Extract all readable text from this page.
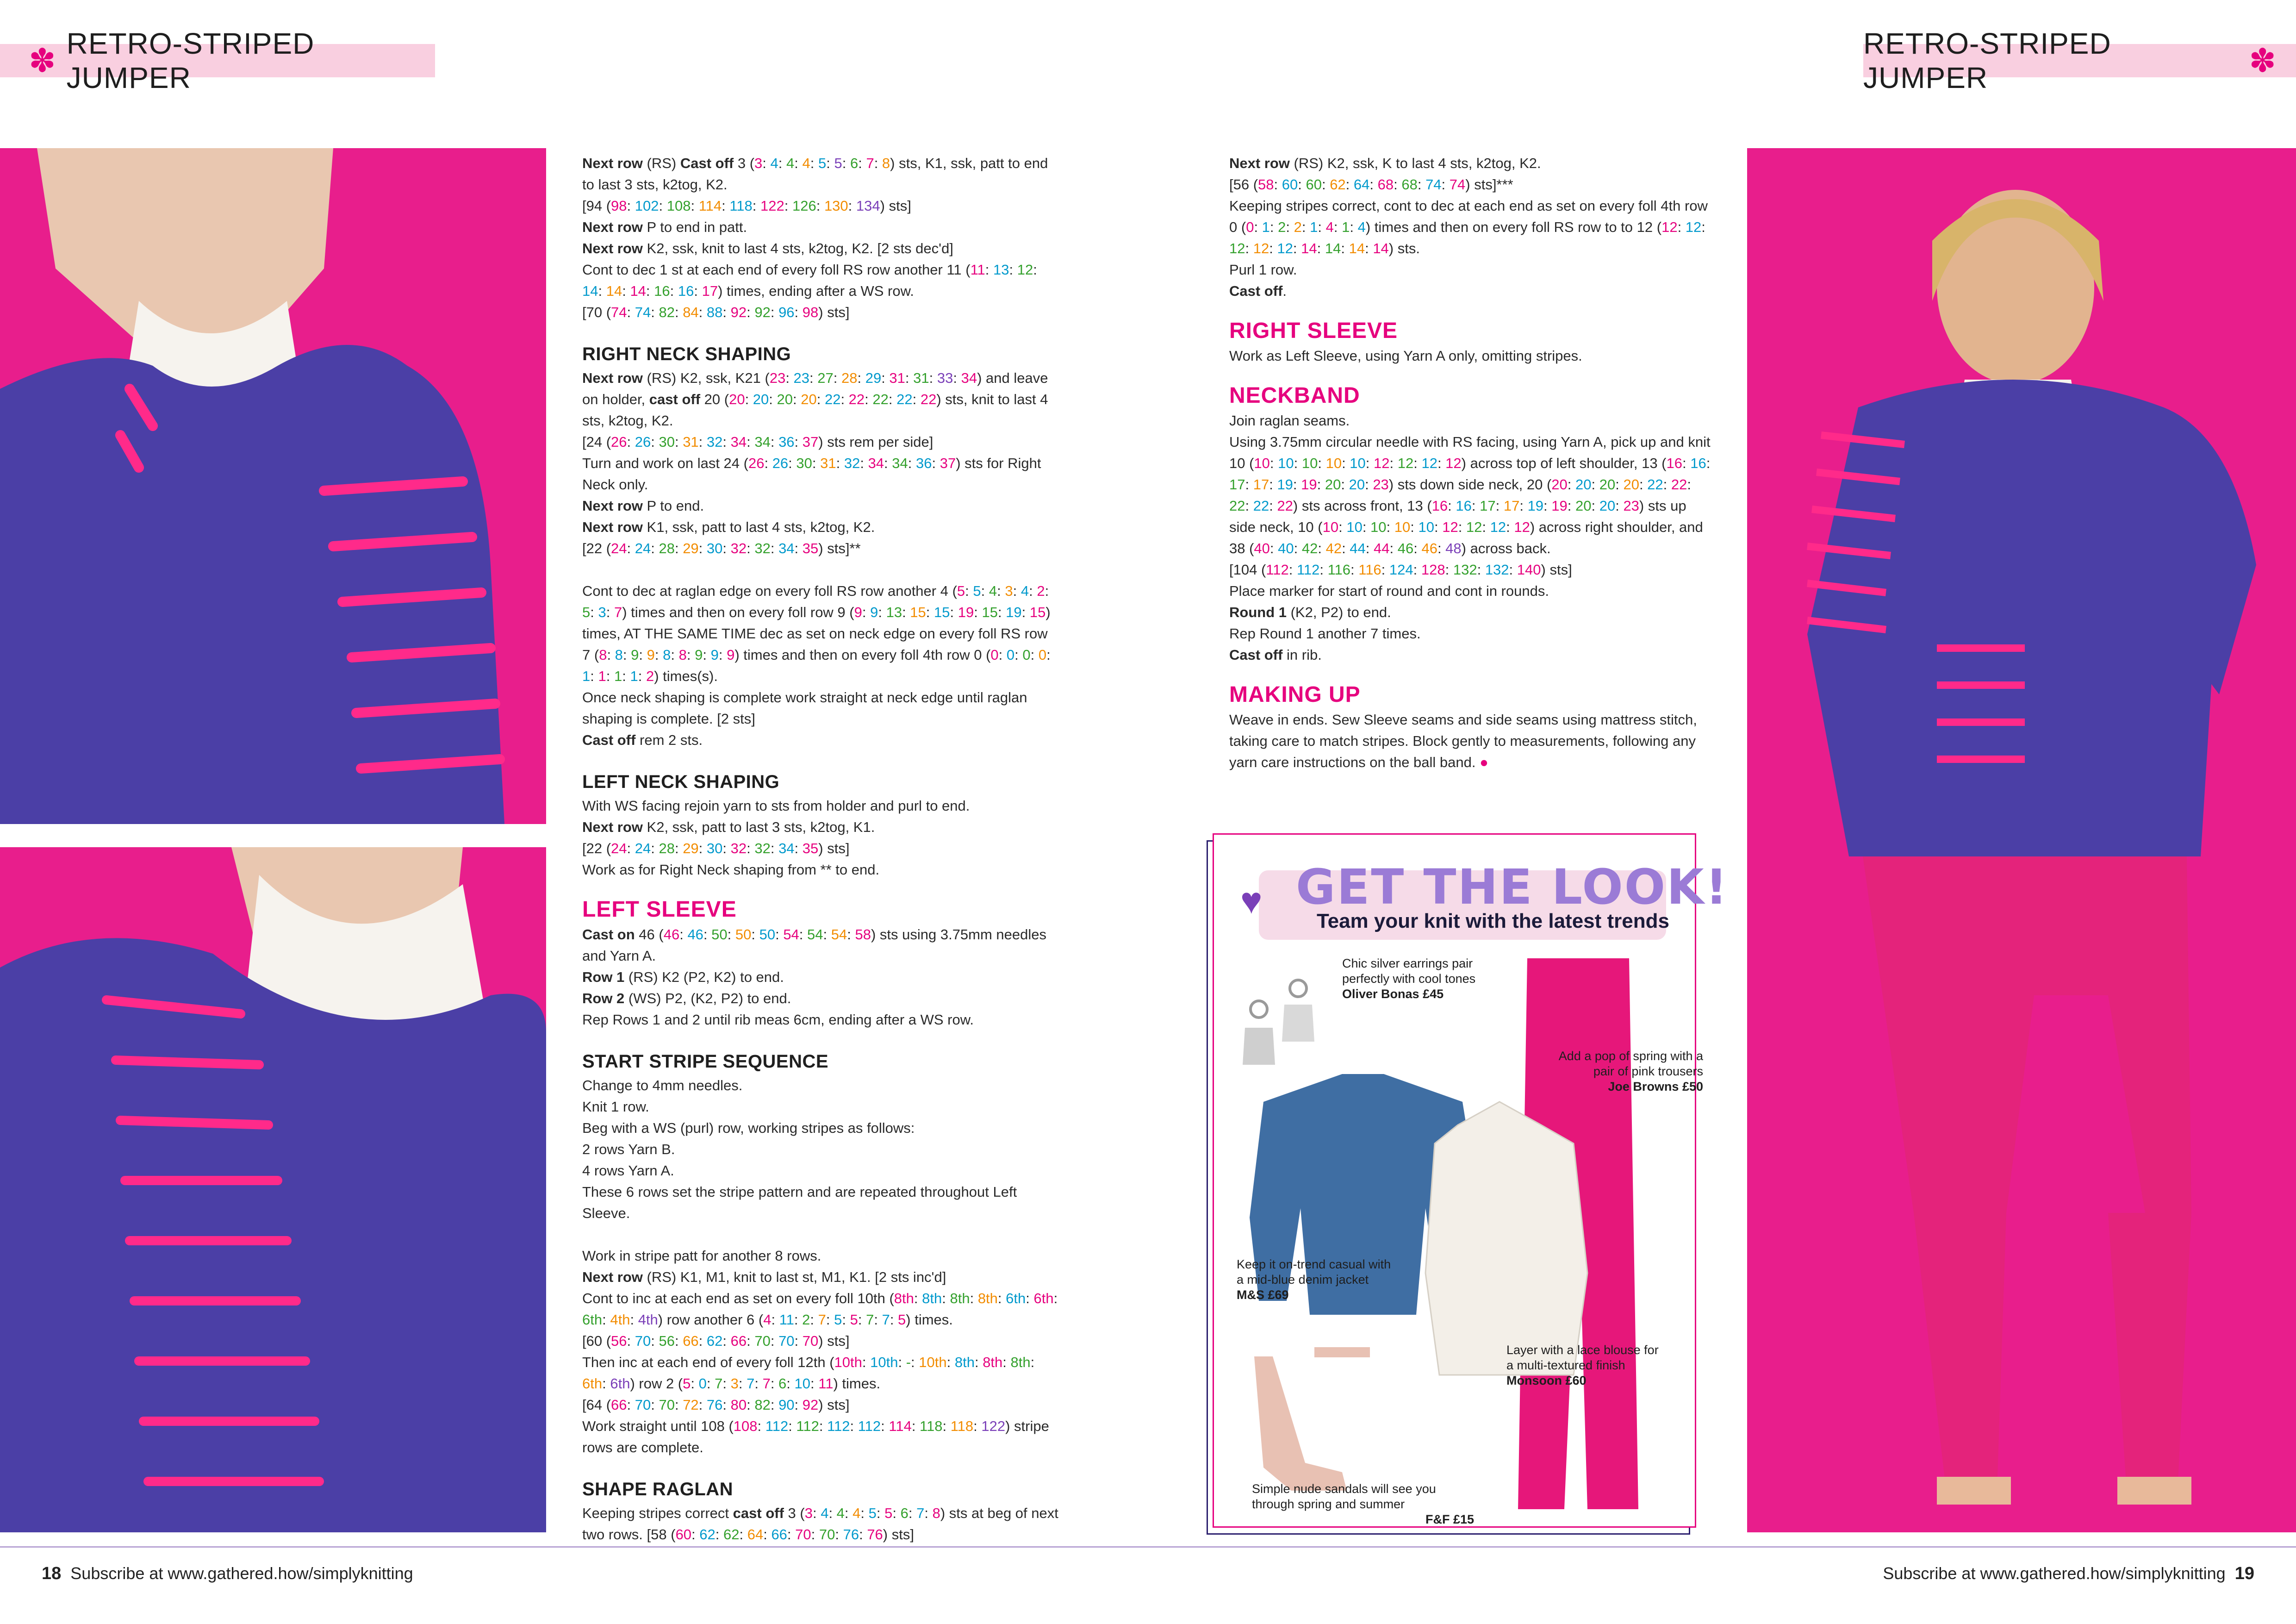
✽ RETRO-STRIPED JUMPER
RETRO-STRIPED JUMPER	✽

Next row (RS) Cast off 3 (3: 4: 4: 4: 5: 5: 6: 7: 8) sts, K1, ssk, patt to end to last 3 sts, k2tog, K2.

[94 (98: 102: 108: 114: 118: 122: 126: 130: 134) sts]

Next row P to end in patt.

Next row K2, ssk, knit to last 4 sts, k2tog, K2. [2 sts dec'd]

Cont to dec 1 st at each end of every foll RS row another 11 (11: 13: 12: 14: 14: 14: 16: 16: 17) times, ending after a WS row.

[70 (74: 74: 82: 84: 88: 92: 92: 96: 98) sts]

RIGHT NECK SHAPING

Next row (RS) K2, ssk, K21 (23: 23: 27: 28: 29: 31: 31: 33: 34) and leave on holder, cast off 20 (20: 20: 20: 20: 22: 22: 22: 22: 22) sts, knit to last 4 sts, k2tog, K2.

[24 (26: 26: 30: 31: 32: 34: 34: 36: 37) sts rem per side]

Turn and work on last 24 (26: 26: 30: 31: 32: 34: 34: 36: 37) sts for Right Neck only.

Next row P to end.

Next row K1, ssk, patt to last 4 sts, k2tog, K2.

[22 (24: 24: 28: 29: 30: 32: 32: 34: 35) sts]**

Cont to dec at raglan edge on every foll RS row another 4 (5: 5: 4: 3: 4: 2: 5: 3: 7) times and then on every foll row 9 (9: 9: 13: 15: 15: 19: 15: 19: 15) times, AT THE SAME TIME dec as set on neck edge on every foll RS row 7 (8: 8: 9: 9: 8: 8: 9: 9: 9) times and then on every foll 4th row 0 (0: 0: 0: 0: 1: 1: 1: 1: 2) times(s).

Once neck shaping is complete work straight at neck edge until raglan shaping is complete. [2 sts]

Cast off rem 2 sts.

LEFT NECK SHAPING

With WS facing rejoin yarn to sts from holder and purl to end.

Next row K2, ssk, patt to last 3 sts, k2tog, K1.

[22 (24: 24: 28: 29: 30: 32: 32: 34: 35) sts]

Work as for Right Neck shaping from ** to end.

LEFT SLEEVE

Cast on 46 (46: 46: 50: 50: 50: 54: 54: 54: 58) sts using 3.75mm needles and Yarn A.

Row 1 (RS) K2 (P2, K2) to end.

Row 2 (WS) P2, (K2, P2) to end.

Rep Rows 1 and 2 until rib meas 6cm, ending after a WS row.

START STRIPE SEQUENCE

Change to 4mm needles.

Knit 1 row.

Beg with a WS (purl) row, working stripes as follows:

2 rows Yarn B.

4 rows Yarn A.

These 6 rows set the stripe pattern and are repeated throughout Left Sleeve.

Work in stripe patt for another 8 rows.

Next row (RS) K1, M1, knit to last st, M1, K1. [2 sts inc'd]

Cont to inc at each end as set on every foll 10th (8th: 8th: 8th: 8th: 6th: 6th: 6th: 4th: 4th) row another 6 (4: 11: 2: 7: 5: 5: 7: 7: 5) times.

[60 (56: 70: 56: 66: 62: 66: 70: 70: 70) sts]

Then inc at each end of every foll 12th (10th: 10th: -: 10th: 8th: 8th: 8th: 6th: 6th) row 2 (5: 0: 7: 3: 7: 7: 6: 10: 11) times.

[64 (66: 70: 70: 72: 76: 80: 82: 90: 92) sts]

Work straight until 108 (108: 112: 112: 112: 112: 114: 118: 118: 122) stripe rows are complete.

SHAPE RAGLAN

Keeping stripes correct cast off 3 (3: 4: 4: 4: 5: 5: 6: 7: 8) sts at beg of next two rows. [58 (60: 62: 62: 64: 66: 70: 70: 76: 76) sts]

Next row (RS) K2, ssk, K to last 4 sts, k2tog, K2.

[56 (58: 60: 60: 62: 64: 68: 68: 74: 74) sts]***

Keeping stripes correct, cont to dec at each end as set on every foll 4th row 0 (0: 1: 2: 2: 1: 4: 1: 4) times and then on every foll RS row to to 12 (12: 12: 12: 12: 12: 14: 14: 14: 14) sts.

Purl 1 row.

Cast off.

RIGHT SLEEVE

Work as Left Sleeve, using Yarn A only, omitting stripes.

NECKBAND

Join raglan seams.

Using 3.75mm circular needle with RS facing, using Yarn A, pick up and knit 10 (10: 10: 10: 10: 10: 12: 12: 12: 12) across top of left shoulder, 13 (16: 16: 17: 17: 19: 19: 20: 20: 23) sts down side neck, 20 (20: 20: 20: 20: 22: 22: 22: 22: 22) sts across front, 13 (16: 16: 17: 17: 19: 19: 20: 20: 23) sts up side neck, 10 (10: 10: 10: 10: 10: 12: 12: 12: 12) across right shoulder, and 38 (40: 40: 42: 42: 44: 44: 46: 46: 48) across back.

[104 (112: 112: 116: 116: 124: 128: 132: 132: 140) sts]

Place marker for start of round and cont in rounds.

Round 1 (K2, P2) to end.

Rep Round 1 another 7 times.

Cast off in rib.

MAKING UP

Weave in ends. Sew Sleeve seams and side seams using mattress stitch, taking care to match stripes. Block gently to measurements, following any yarn care instructions on the ball band. ●

♥ GET THE LOOK!
Team your knit with the latest trends
Chic silver earrings pair perfectly with cool tones
Oliver Bonas £45
Add a pop of spring with a pair of pink trousers
Joe Browns £50
Keep it on-trend casual with a mid-blue denim jacket
M&S £69
Layer with a lace blouse for a multi-textured finish
Monsoon £60
Simple nude sandals will see you through spring and summer
F&F £15
18 Subscribe at www.gathered.how/simplyknitting	Subscribe at www.gathered.how/simplyknitting 19
